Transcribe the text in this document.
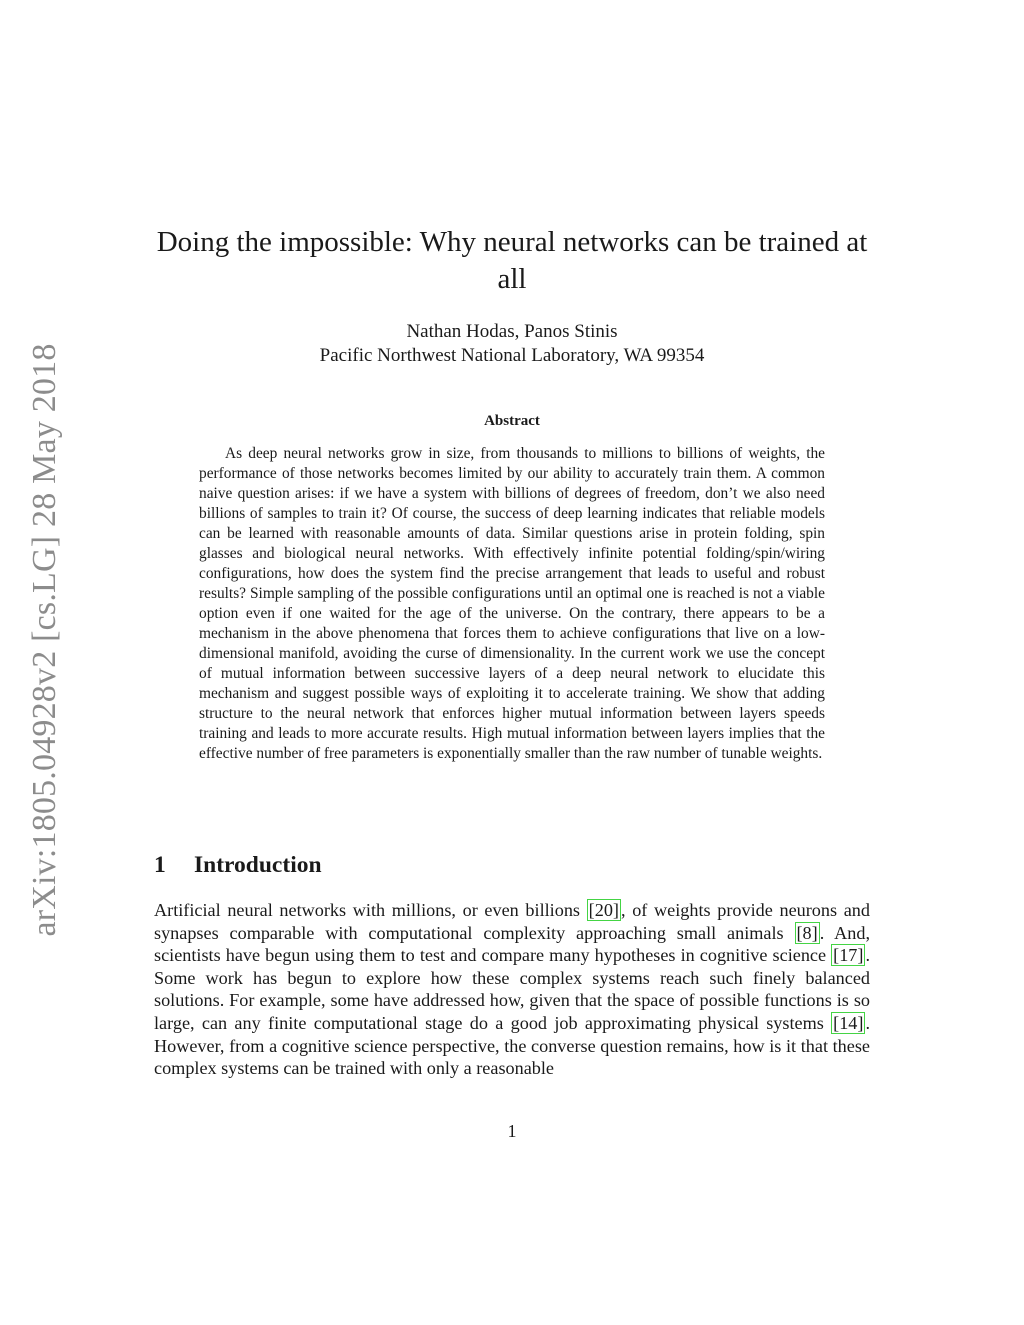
arXiv:1805.04928v2 [cs.LG] 28 May 2018
Doing the impossible: Why neural networks can be trained at all
Nathan Hodas, Panos Stinis
Pacific Northwest National Laboratory, WA 99354
Abstract

As deep neural networks grow in size, from thousands to millions to billions of weights, the performance of those networks becomes limited by our ability to accurately train them. A common naive question arises: if we have a system with billions of degrees of freedom, don’t we also need billions of samples to train it? Of course, the success of deep learning indicates that reliable models can be learned with reasonable amounts of data. Similar questions arise in protein folding, spin glasses and biological neural networks. With effectively infinite potential folding/spin/wiring configurations, how does the system find the precise arrangement that leads to useful and robust results? Simple sampling of the possible configurations until an optimal one is reached is not a viable option even if one waited for the age of the universe. On the contrary, there appears to be a mechanism in the above phenomena that forces them to achieve configurations that live on a low-dimensional manifold, avoiding the curse of dimensionality. In the current work we use the concept of mutual information between successive layers of a deep neural network to elucidate this mechanism and suggest possible ways of exploiting it to accelerate training. We show that adding structure to the neural network that enforces higher mutual information between layers speeds training and leads to more accurate results. High mutual information between layers implies that the effective number of free parameters is exponentially smaller than the raw number of tunable weights.

1 Introduction

Artificial neural networks with millions, or even billions [20] , of weights provide neurons and synapses comparable with computational complexity approaching small animals [8] . And, scientists have begun using them to test and compare many hypotheses in cognitive science [17] . Some work has begun to explore how these complex systems reach such finely balanced solutions. For example, some have addressed how, given that the space of possible functions is so large, can any finite computational stage do a good job approximating physical systems [14] . However, from a cognitive science perspective, the converse question remains, how is it that these complex systems can be trained with only a reasonable

1
